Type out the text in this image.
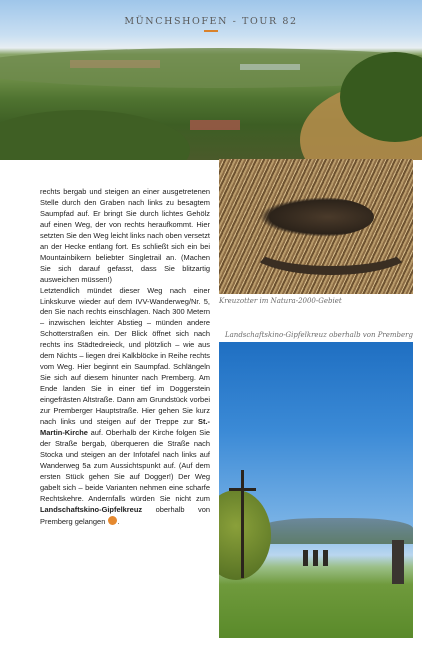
MÜNCHSHOFEN - TOUR 82
Kreuzotter im Natura-2000-Gebiet
Landschaftskino-Gipfelkreuz oberhalb von Premberg

rechts bergab und steigen an einer ausgetretenen Stelle durch den Graben nach links zu besagtem Saumpfad auf. Er bringt Sie durch lichtes Gehölz auf einen Weg, der von rechts heraufkommt. Hier setzten Sie den Weg leicht links nach oben versetzt an der Hecke entlang fort. Es schließt sich ein bei Mountainbikern beliebter Singletrail an. (Machen Sie sich darauf gefasst, dass Sie blitzartig ausweichen müssen!)

Letztendlich mündet dieser Weg nach einer Linkskurve wieder auf dem IVV-Wanderweg/Nr. 5, den Sie nach rechts einschlagen. Nach 300 Metern – inzwischen leichter Abstieg – münden andere Schotterstraßen ein. Der Blick öffnet sich nach rechts ins Städtedreieck, und plötzlich – wie aus dem Nichts – liegen drei Kalkblöcke in Reihe rechts vom Weg. Hier beginnt ein Saumpfad. Schlängeln Sie sich auf diesem hinunter nach Premberg. Am Ende landen Sie in einer tief im Doggerstein eingefrästen Altstraße. Dann am Grundstück vorbei zur Premberger Hauptstraße. Hier gehen Sie kurz nach links und steigen auf der Treppe zur St.-Martin-Kirche auf. Oberhalb der Kirche folgen Sie der Straße bergab, überqueren die Straße nach Stocka und steigen an der Infotafel nach links auf Wanderweg 5a zum Aussichtspunkt auf. (Auf dem ersten Stück gehen Sie auf Dogger!) Der Weg gabelt sich – beide Varianten nehmen eine scharfe Rechtskehre. Andernfalls würden Sie nicht zum Landschaftskino-Gipfelkreuz oberhalb von Premberg gelangen .
